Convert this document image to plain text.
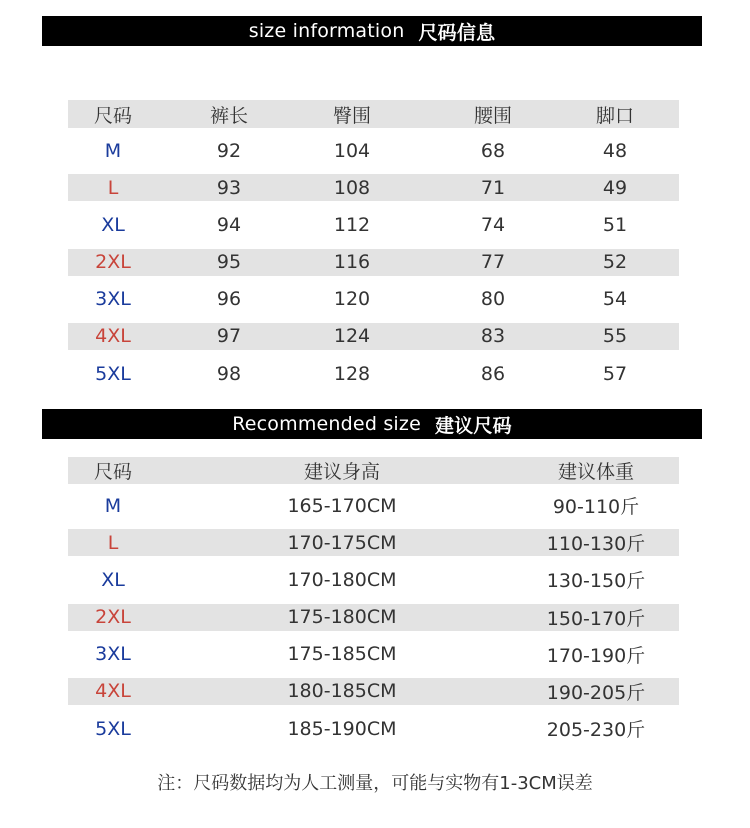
size information 尺码信息
尺码	裤长	臀围	腰围	脚口
M	92	104	68	48
L	93	108	71	49
XL	94	112	74	51
2XL	95	116	77	52
3XL	96	120	80	54
4XL	97	124	83	55
5XL	98	128	86	57
Recommended size 建议尺码
尺码	建议身高	建议体重
M	165-170CM	90-110斤
L	170-175CM	110-130斤
XL	170-180CM	130-150斤
2XL	175-180CM	150-170斤
3XL	175-185CM	170-190斤
4XL	180-185CM	190-205斤
5XL	185-190CM	205-230斤
注：尺码数据均为人工测量，可能与实物有1-3CM误差
